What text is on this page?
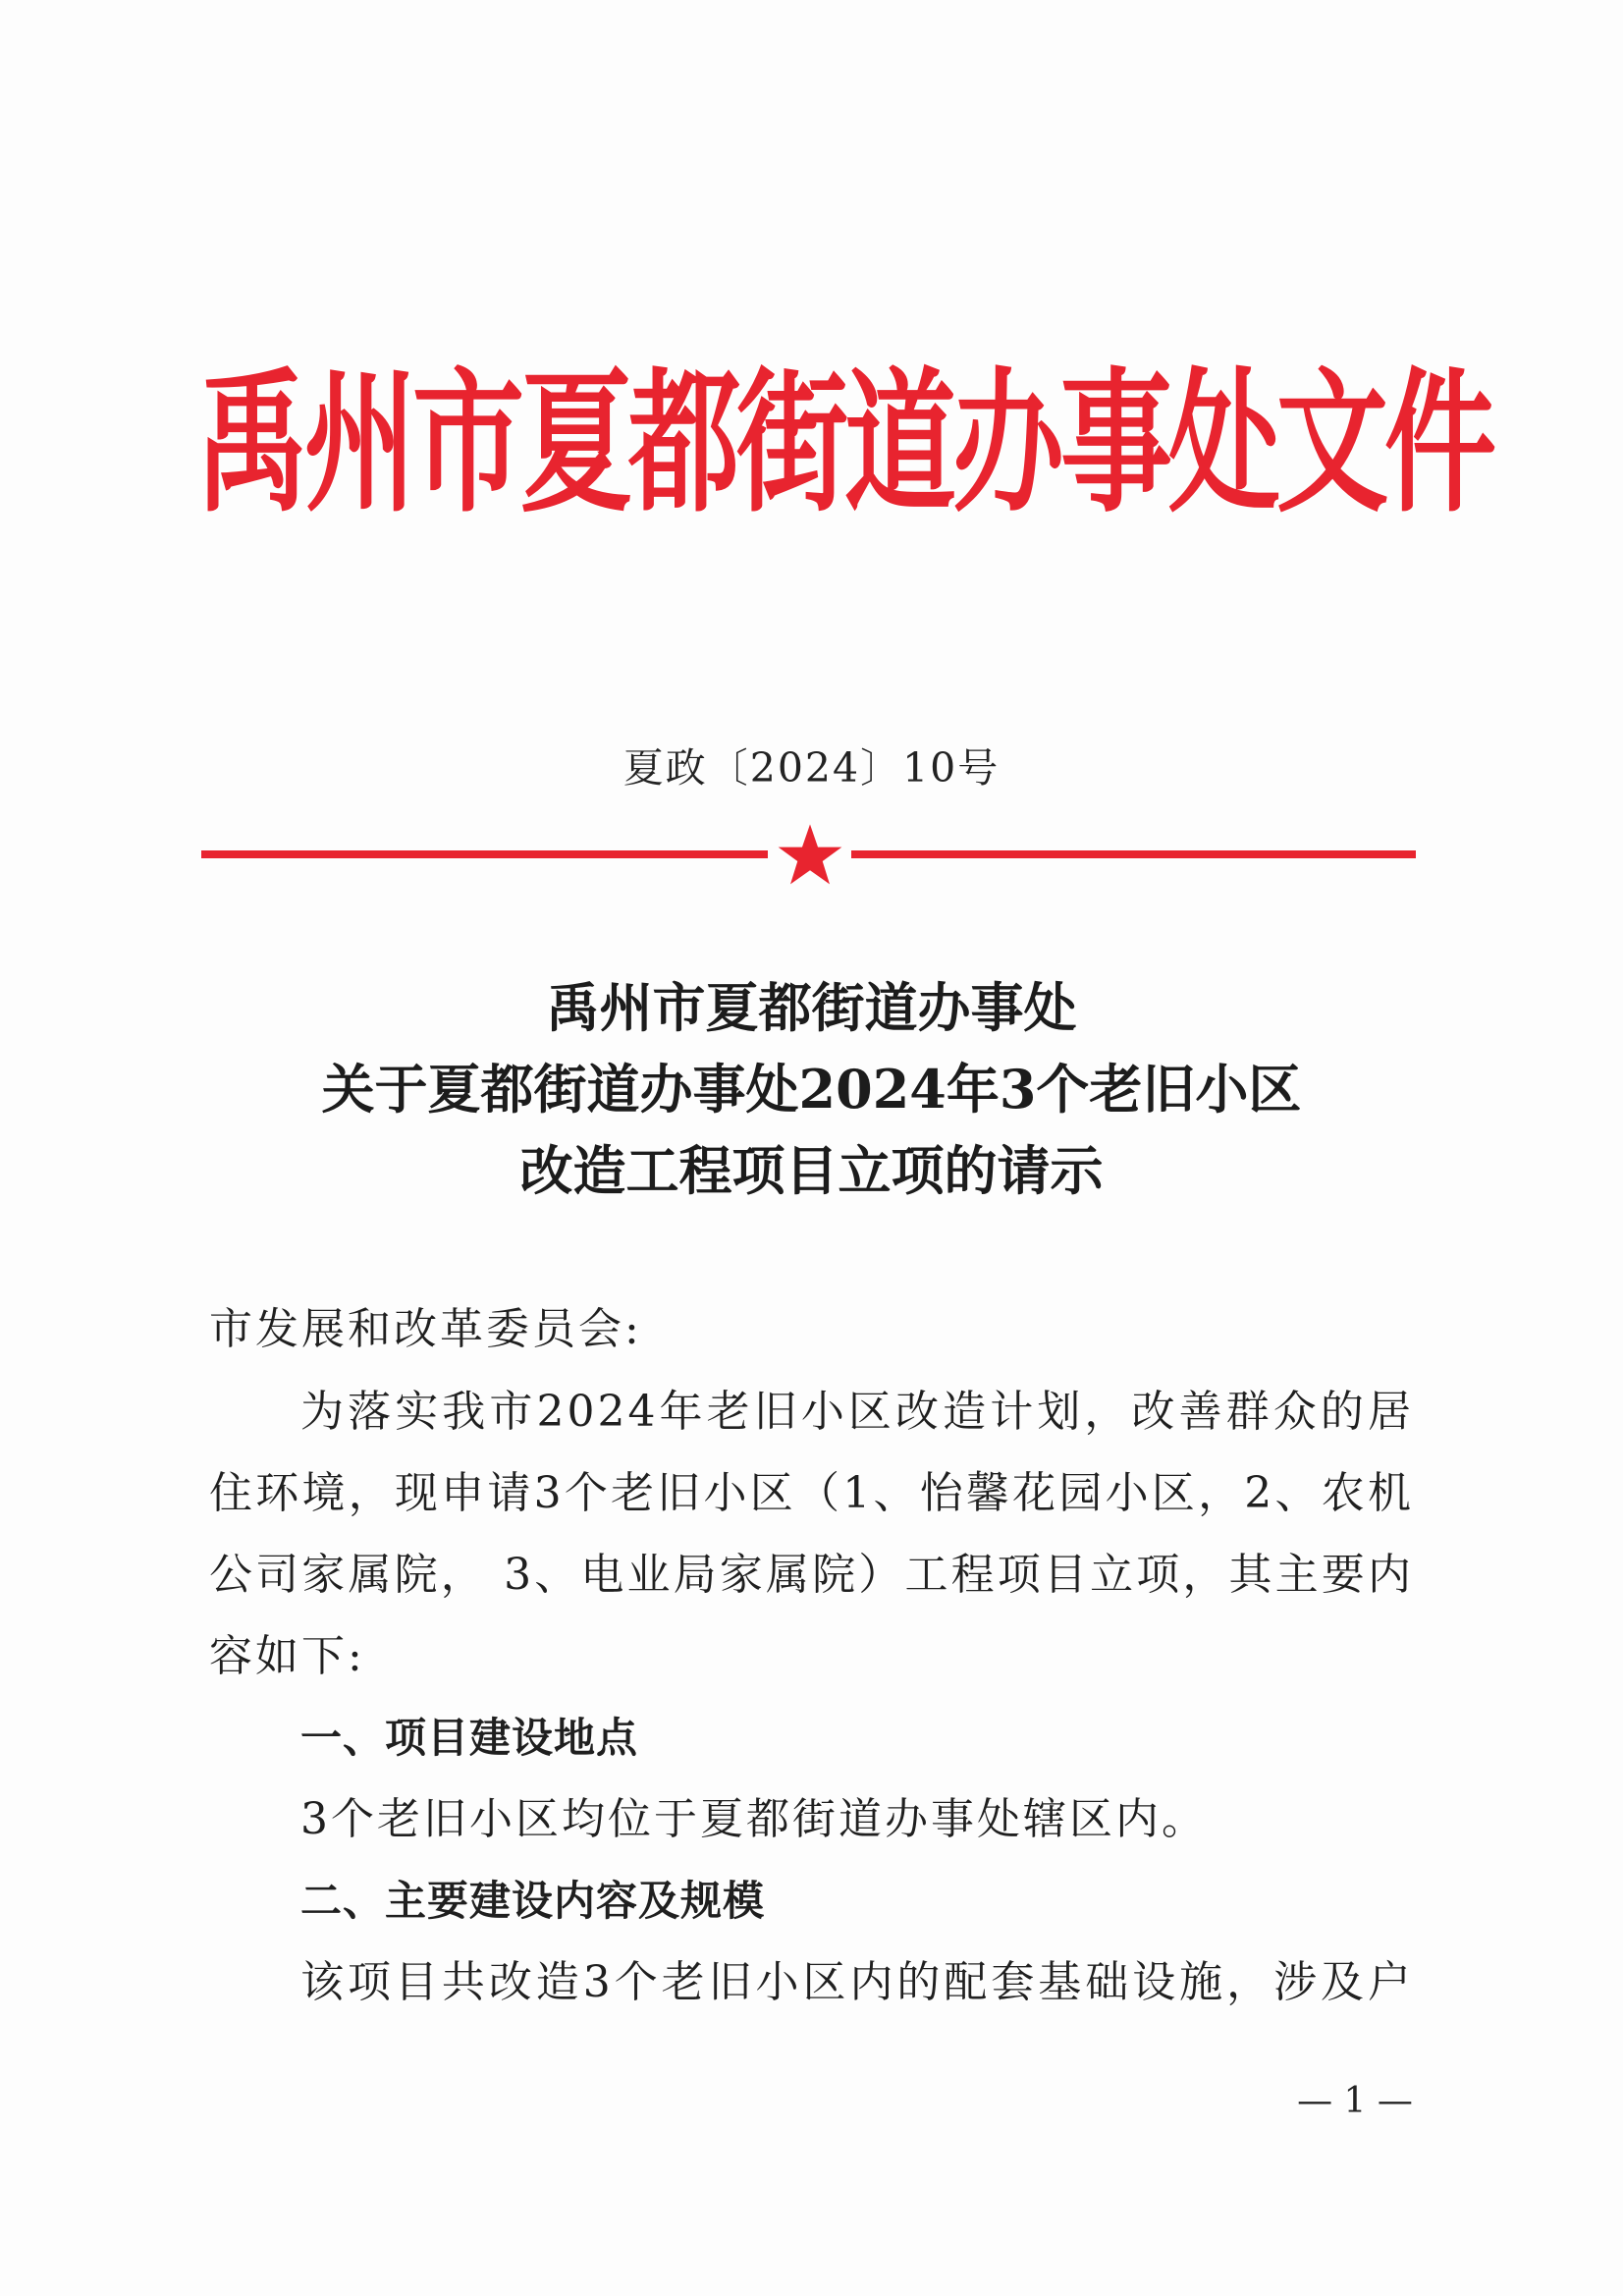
禹州市夏都街道办事处文件
夏政〔2024〕10号
禹州市夏都街道办事处
关于夏都街道办事处2024年3个老旧小区
改造工程项目立项的请示
市发展和改革委员会:
为落实我市2024年老旧小区改造计划，改善群众的居
住环境，现申请3个老旧小区（1、怡馨花园小区，2、农机
公司家属院， 3、电业局家属院）工程项目立项，其主要内
容如下:
一、项目建设地点
3个老旧小区均位于夏都街道办事处辖区内。
二、主要建设内容及规模
该项目共改造3个老旧小区内的配套基础设施，涉及户
— 1 —
